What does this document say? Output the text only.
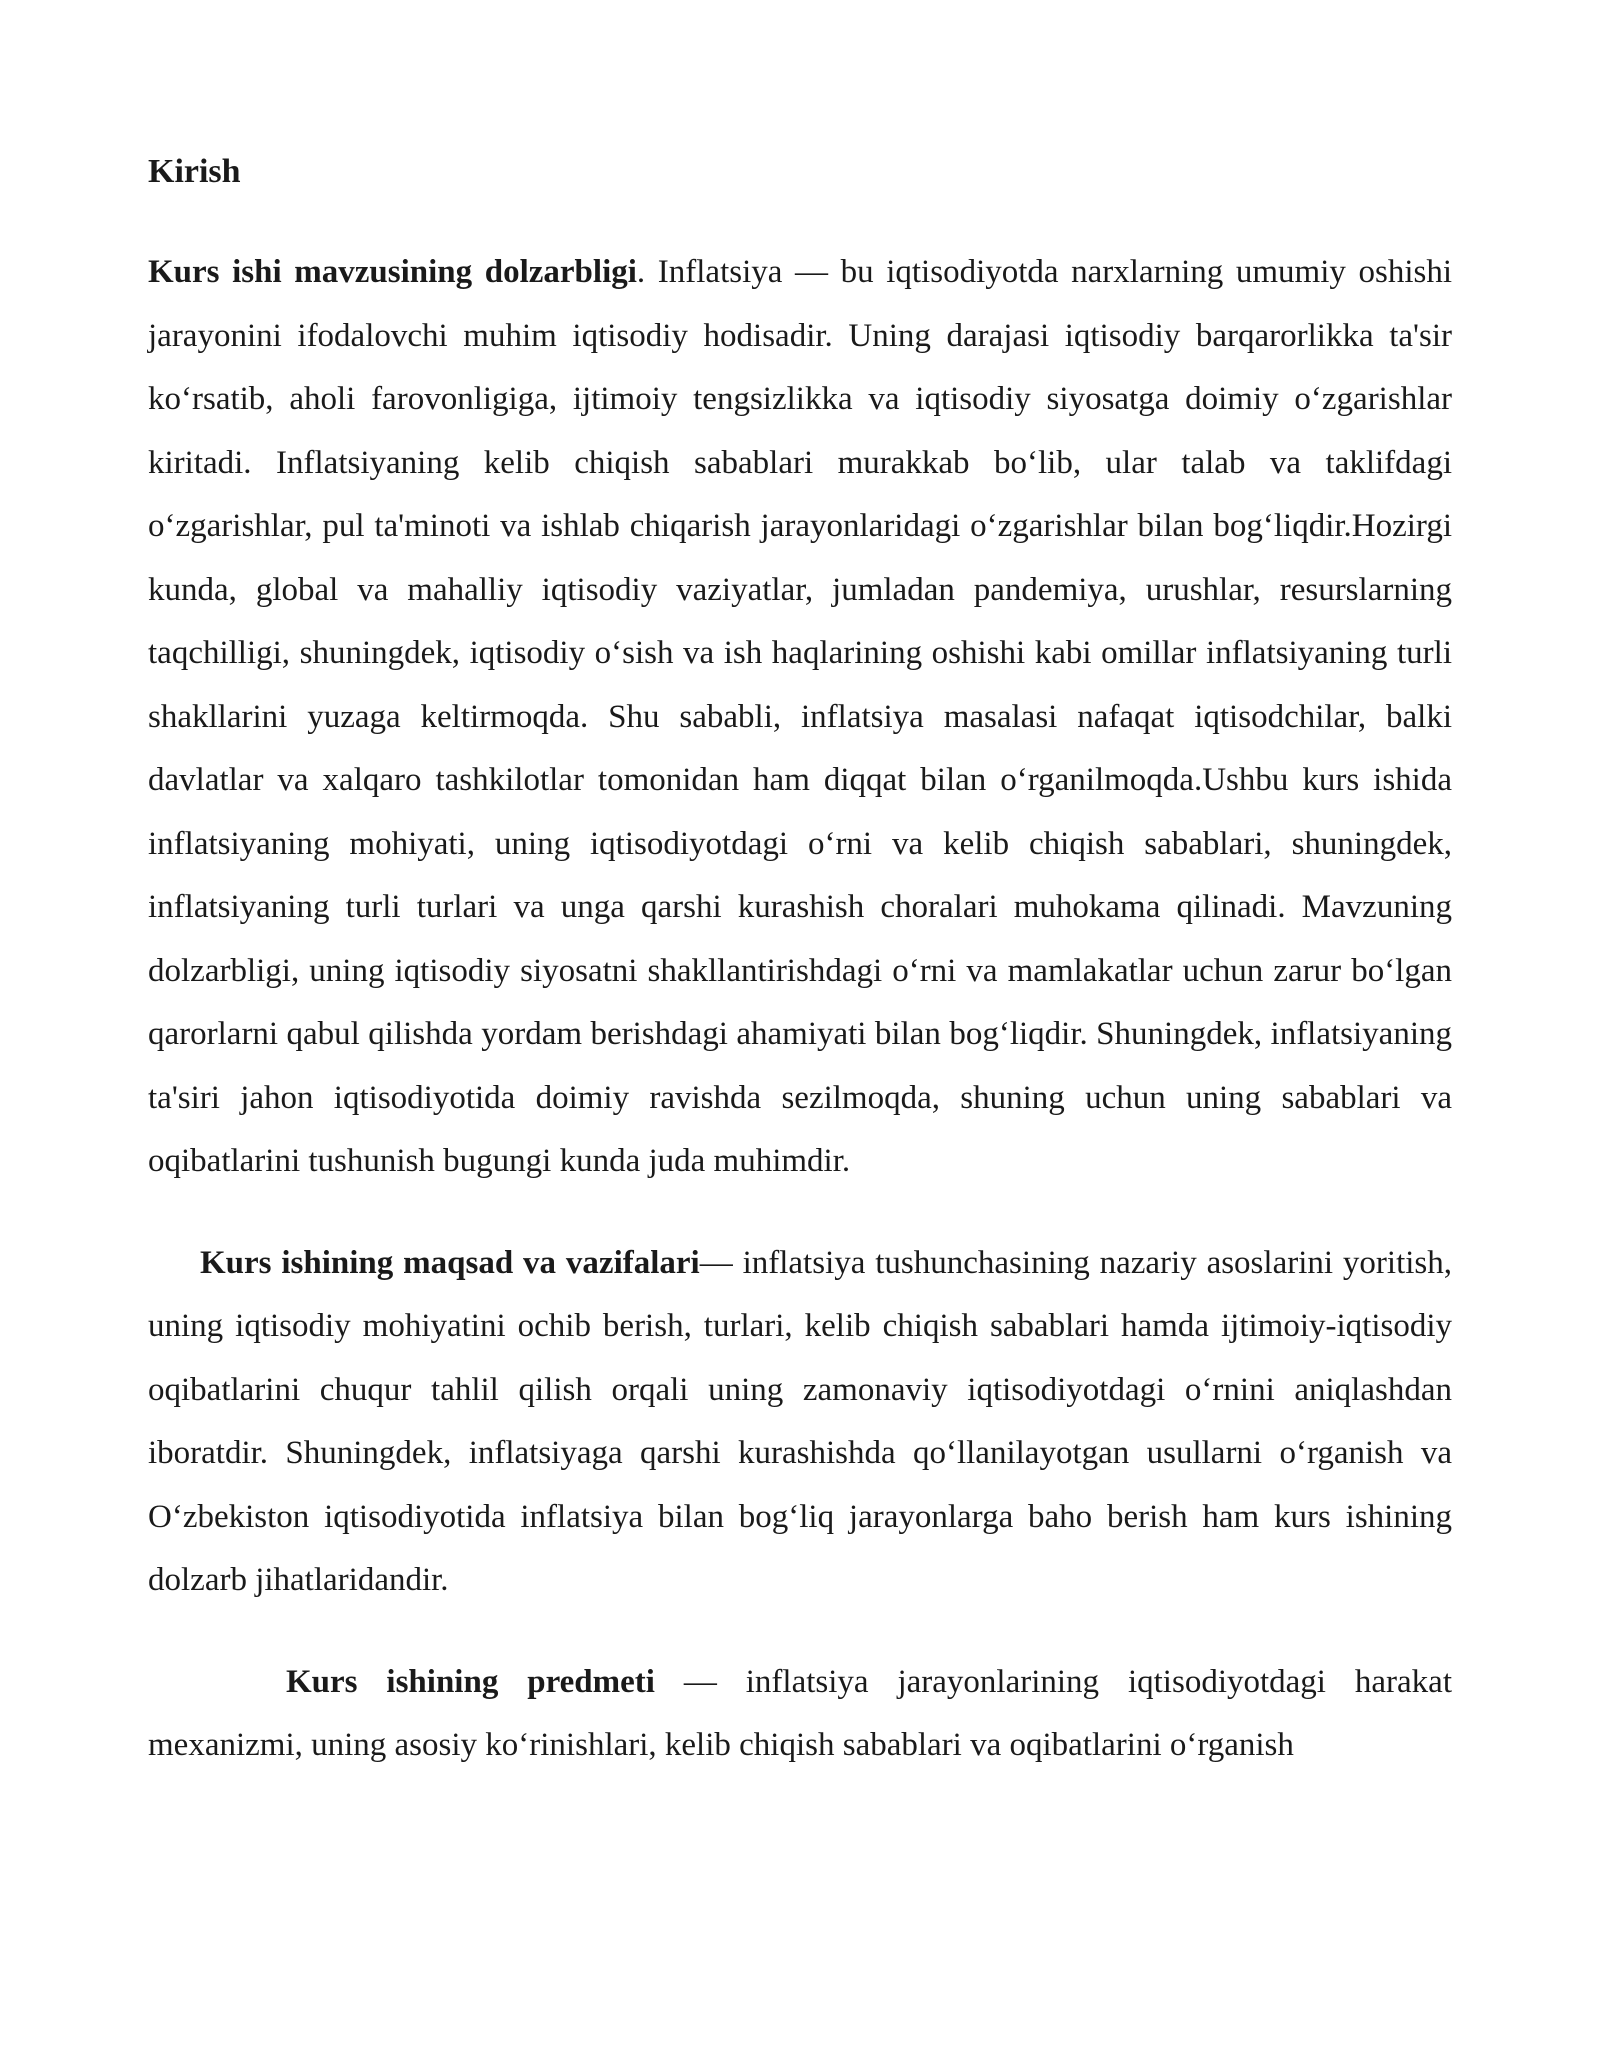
Kirish

Kurs ishi mavzusining dolzarbligi. Inflatsiya — bu iqtisodiyotda narxlarning umumiy oshishi jarayonini ifodalovchi muhim iqtisodiy hodisadir. Uning darajasi iqtisodiy barqarorlikka ta'sir koʻrsatib, aholi farovonligiga, ijtimoiy tengsizlikka va iqtisodiy siyosatga doimiy oʻzgarishlar kiritadi. Inflatsiyaning kelib chiqish sabablari murakkab boʻlib, ular talab va taklifdagi oʻzgarishlar, pul ta'minoti va ishlab chiqarish jarayonlaridagi oʻzgarishlar bilan bogʻliqdir.Hozirgi kunda, global va mahalliy iqtisodiy vaziyatlar, jumladan pandemiya, urushlar, resurslarning taqchilligi, shuningdek, iqtisodiy oʻsish va ish haqlarining oshishi kabi omillar inflatsiyaning turli shakllarini yuzaga keltirmoqda. Shu sababli, inflatsiya masalasi nafaqat iqtisodchilar, balki davlatlar va xalqaro tashkilotlar tomonidan ham diqqat bilan oʻrganilmoqda.Ushbu kurs ishida inflatsiyaning mohiyati, uning iqtisodiyotdagi oʻrni va kelib chiqish sabablari, shuningdek, inflatsiyaning turli turlari va unga qarshi kurashish choralari muhokama qilinadi. Mavzuning dolzarbligi, uning iqtisodiy siyosatni shakllantirishdagi oʻrni va mamlakatlar uchun zarur boʻlgan qarorlarni qabul qilishda yordam berishdagi ahamiyati bilan bogʻliqdir. Shuningdek, inflatsiyaning ta'siri jahon iqtisodiyotida doimiy ravishda sezilmoqda, shuning uchun uning sabablari va oqibatlarini tushunish bugungi kunda juda muhimdir.

Kurs ishining maqsad va vazifalari— inflatsiya tushunchasining nazariy asoslarini yoritish, uning iqtisodiy mohiyatini ochib berish, turlari, kelib chiqish sabablari hamda ijtimoiy-iqtisodiy oqibatlarini chuqur tahlil qilish orqali uning zamonaviy iqtisodiyotdagi oʻrnini aniqlashdan iboratdir. Shuningdek, inflatsiyaga qarshi kurashishda qoʻllanilayotgan usullarni oʻrganish va Oʻzbekiston iqtisodiyotida inflatsiya bilan bogʻliq jarayonlarga baho berish ham kurs ishining dolzarb jihatlaridandir.

Kurs ishining predmeti — inflatsiya jarayonlarining iqtisodiyotdagi harakat mexanizmi, uning asosiy koʻrinishlari, kelib chiqish sabablari va oqibatlarini oʻrganish
